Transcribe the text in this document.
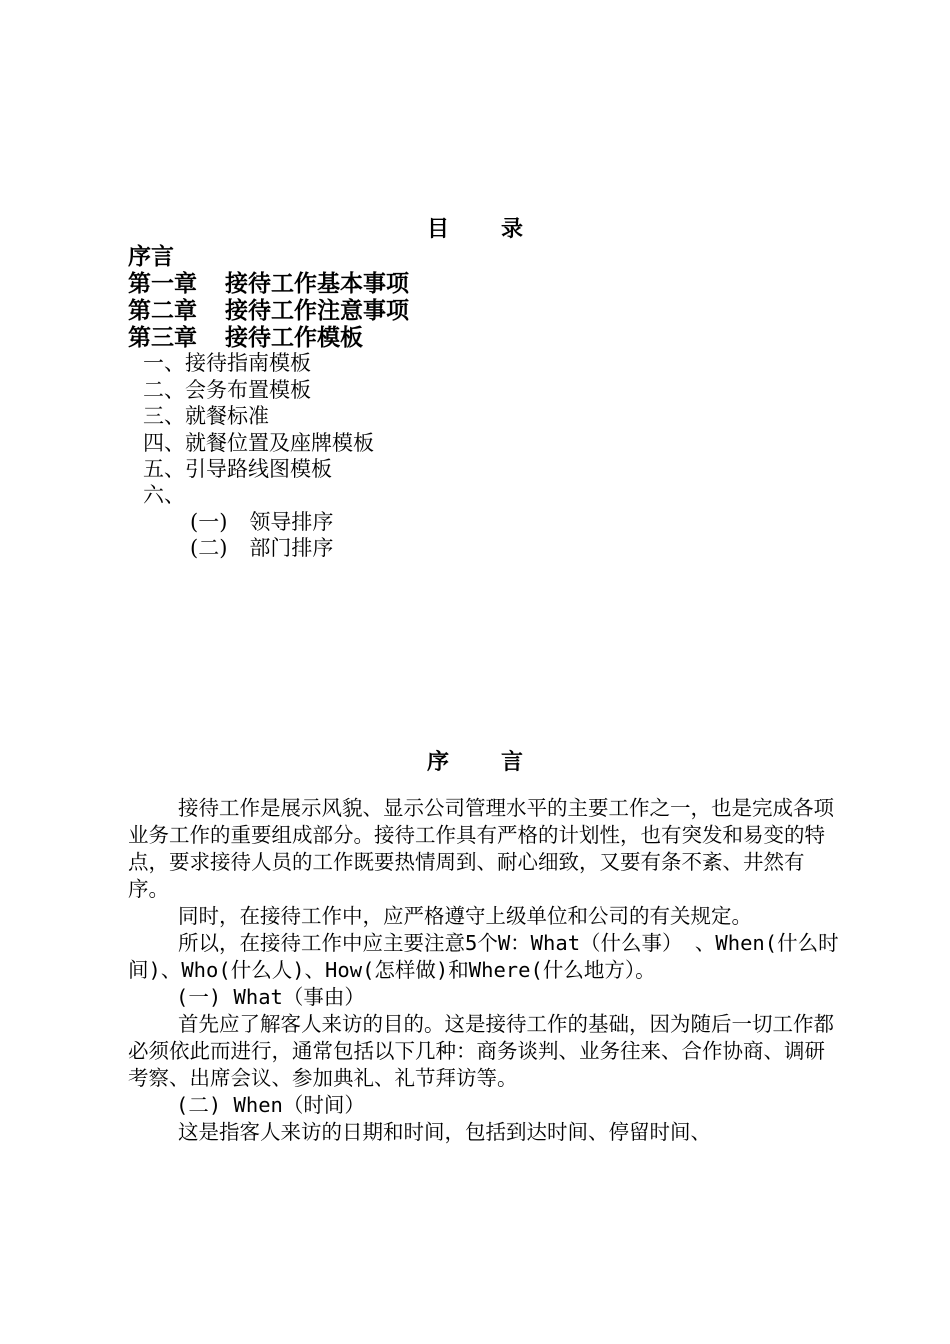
目 录
序言
第一章 接待工作基本事项
第二章 接待工作注意事项
第三章 接待工作模板
一、接待指南模板
二、会务布置模板
三、就餐标准
四、就餐位置及座牌模板
五、引导路线图模板
六、
(一) 领导排序
(二) 部门排序
序 言

接待工作是展示风貌、显示公司管理水平的主要工作之一，也是完成各项业务工作的重要组成部分。接待工作具有严格的计划性，也有突发和易变的特点，要求接待人员的工作既要热情周到、耐心细致，又要有条不紊、井然有序。

同时，在接待工作中，应严格遵守上级单位和公司的有关规定。

所以，在接待工作中应主要注意5个W：What（什么事） 、When(什么时间)、Who(什么人)、How(怎样做)和Where(什么地方）。

(一) What（事由）

首先应了解客人来访的目的。这是接待工作的基础，因为随后一切工作都必须依此而进行，通常包括以下几种：商务谈判、业务往来、合作协商、调研考察、出席会议、参加典礼、礼节拜访等。

(二) When（时间）

这是指客人来访的日期和时间，包括到达时间、停留时间、
